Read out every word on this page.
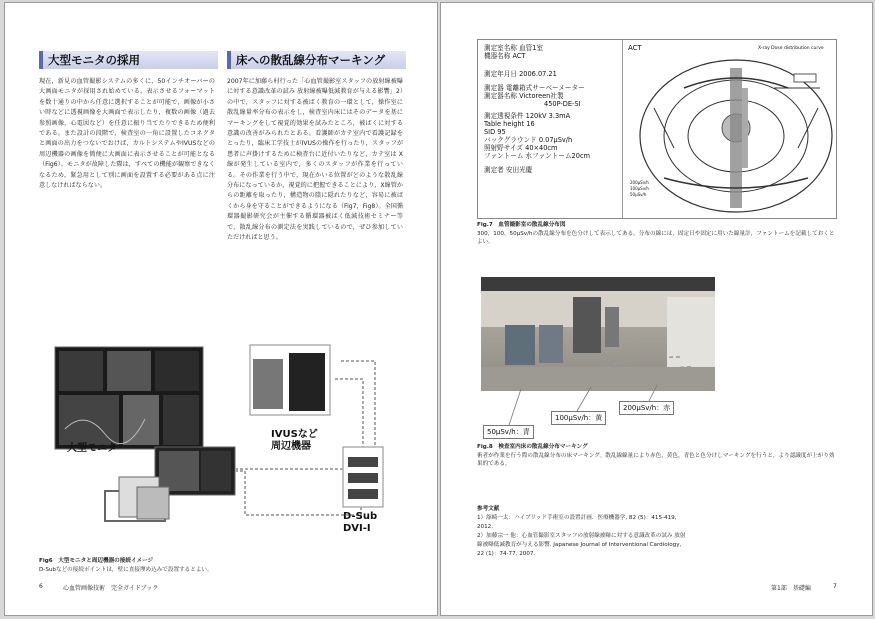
大型モニタの採用
現在，新見の血管撮影システムの多くに，50インチオーバーの大画面モニタが採用され始めている。表示させるフォーマットを数十通りの中から任意に選択することが可能で，画像が小さい時などに透視画像を大画面で表示したり，複数の画像（過去参照画像，心電図など）を任意に振り当てたりできるため便利である。また設計の段階で，検査室の一角に設置したコネクタと画面の出力をつないでおけば，カルトシステムやIVUSなどの周辺機器の画像を簡便に大画面に表示させることが可能となる（Fig6）。モニタが故障した際は，すべての機能が観察できなくなるため，緊急用として別に画面を設置する必要がある点に注意しなければならない。
床への散乱線分布マーキング
2007年に加藤ら村行った「心血管撮影室スタッフの放射線被曝に対する意識改革の試み 放射線被曝低減教育が与える影響」2）の中で，スタッフに対する被ばく教育の一環として，操作室に散乱線量率分布の表示をし，検査室内床にはそのデータを基にマーキングをして視覚的効果を試みたところ，被ばくに対する意識の改善がみられたとある。看護師がカテ室内で看護記録をとったり，臨床工学技士がIVUSの操作を行ったり，スタッフが患者に声掛けするために検査台に近付いたりなど，カテ室は X線が発生している室内で，多くのスタッフが作業を行っている。その作業を行う中で，現在かいる位置がどのような散乱線分布になっているか，視覚的に把握できることにより，X線管からの距離を取ったり，構造物の陰に隠れたりなど，容易に被ばくから身を守ることができるようになる（Fig7，Fig8）。全国循環器撮影研究会が主催する循環器被ばく低減技術セミナー等で，散乱線分布の測定法を実践しているので，ぜひ参加していただければと思う。
大型モニタ
IVUSなど
周辺機器
D-Sub
DVI-I
Fig6　大型モニタと周辺機器の接続イメージ
D-Subなどの接続ポイントは，壁に直接埋め込みで設置するとよい。
6	心血管画像技術　完全ガイドブック
測定室名称 血管1室
機器名称 ACT
測定年月日 2006.07.21
測定器 電離箱式サーベーメーター
測定器名称 Victoreen社製
450P-DE-SI
測定透視条件 120kV 3.3mA
Table height 16
SID 95
バックグラウンド 0.07μSv/h
照射野サイズ 40×40cm
ファントーム 水ファントーム20cm
測定者 安田光慶
ACT	X-ray Dose distribution curve
200μSv/h
100μSv/h
50μSv/h
Fig.7　血管撮影室の散乱線分布図
300，100，50μSv/hの散乱線分布を色分けして表示してある。分布の線には，固定日や固定に用いた線量計，ファントームを記載しておくとよい。
50μSv/h：青
100μSv/h：黄
200μSv/h：赤
Fig.8　検査室内床の散乱線分布マーキング
術者が作業を行う際の散乱線分布の床マーキング。散乱線線量により赤色，黄色，青色と色分けしマーキングを行うと，より認識度が上がり効果的である。
参考文献
1）舘崎一太：ハイブリッド手術室の設置計画．医療機器学, 82 (5)：415-419, 2012.
2）加藤宗一 他：心血管撮影室スタッフの放射線被曝に対する意識改革の試み 放射線被曝低減教育が与える影響. Japanese Journal of Interventional Cardiology, 22 (1)：74-77, 2007.
第1部　基礎編	7
